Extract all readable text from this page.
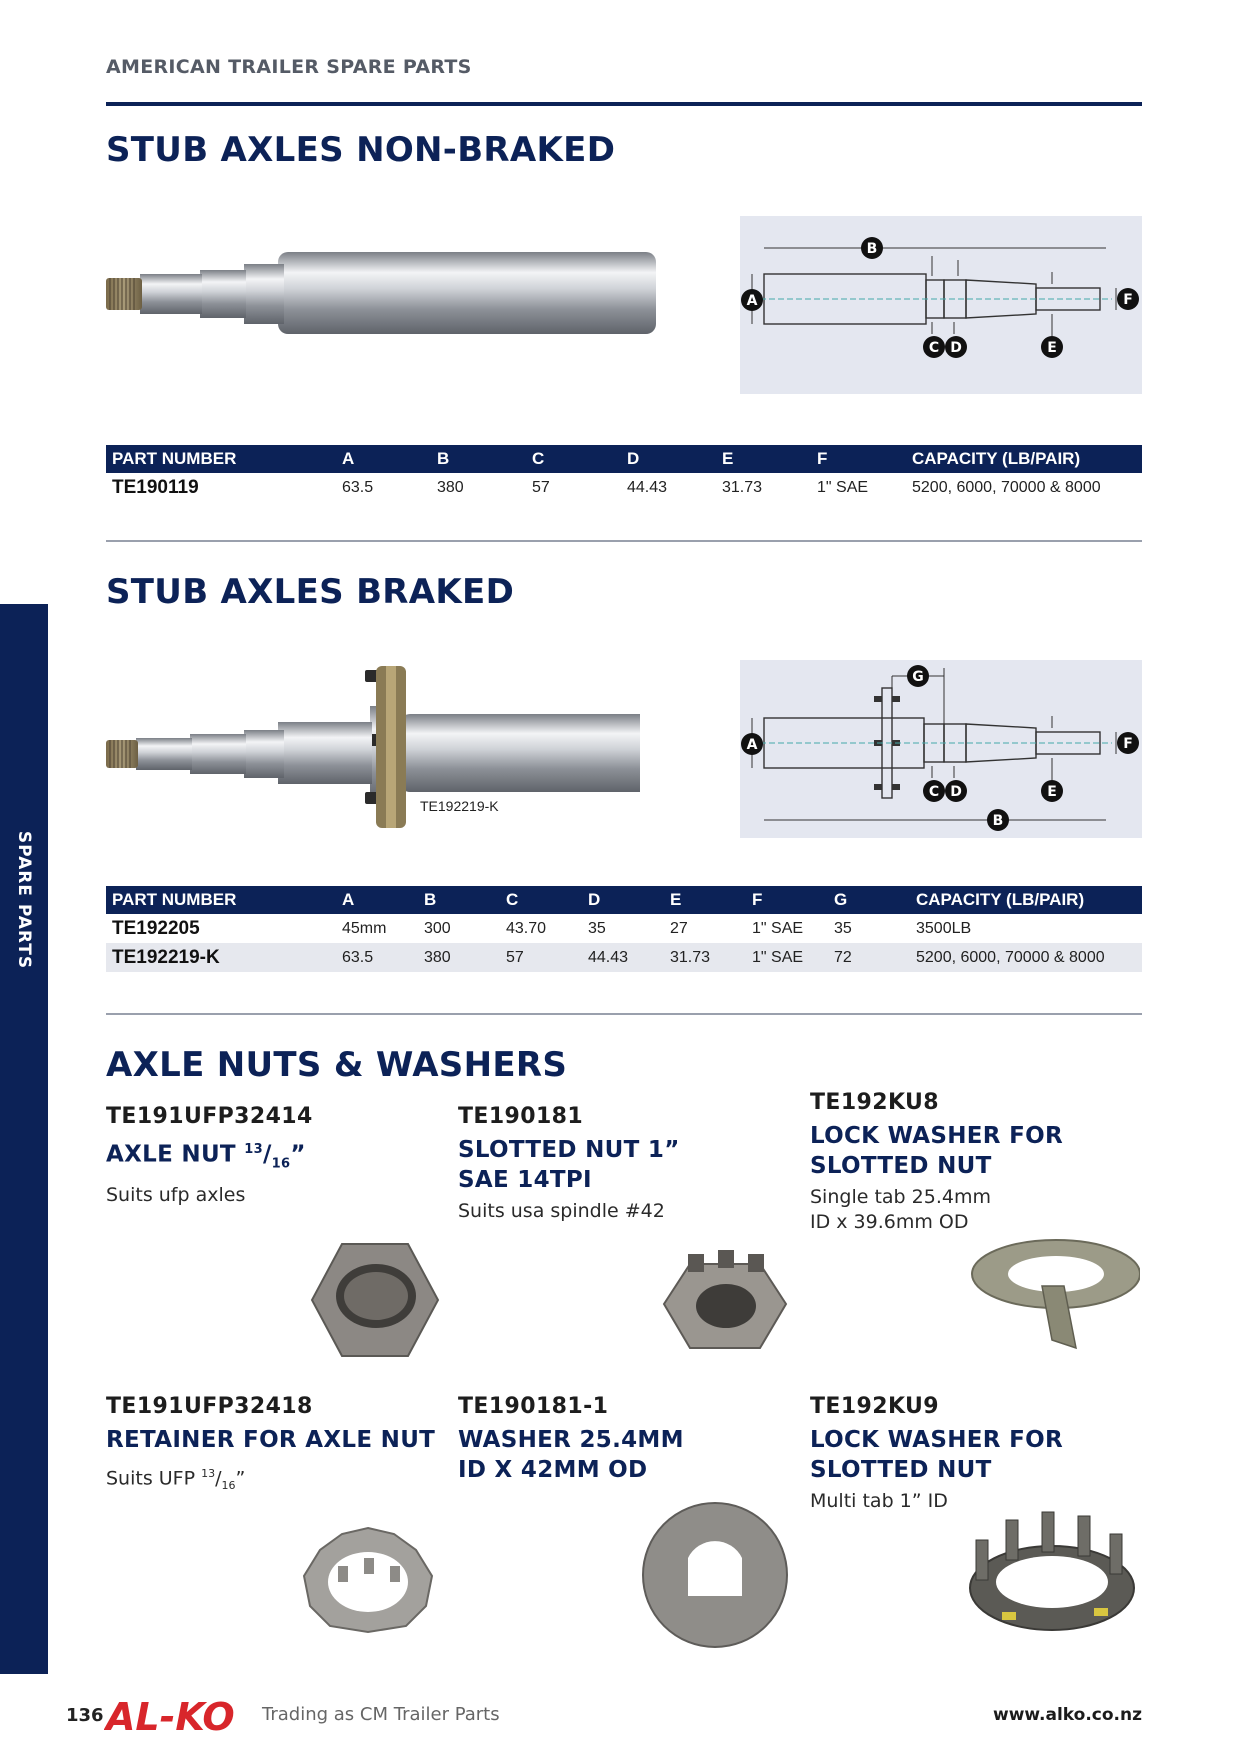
AMERICAN TRAILER SPARE PARTS
SPARE PARTS
STUB AXLES NON-BRAKED
B
A	F
C D	E
PART NUMBER	A	B	C	D	E	F	CAPACITY (LB/PAIR)
TE190119	63.5	380	57	44.43	31.73	1" SAE	5200, 6000, 70000 & 8000
STUB AXLES BRAKED
TE192219-K
G
A	F
C D	E
B
PART NUMBER	A	B	C	D	E	F	G	CAPACITY (LB/PAIR)
TE192205	45mm	300	43.70	35	27	1" SAE	35	3500LB
TE192219-K	63.5	380	57	44.43	31.73	1" SAE	72	5200, 6000, 70000 & 8000
AXLE NUTS & WASHERS
TE191UFP32414
AXLE NUT $^{13}/_{16}$”
Suits ufp axles
TE190181
SLOTTED NUT 1”
SAE 14TPI
Suits usa spindle #42
TE192KU8
LOCK WASHER FOR
SLOTTED NUT
Single tab 25.4mm
ID x 39.6mm OD
TE191UFP32418
RETAINER FOR AXLE NUT
Suits UFP $^{13}/_{16}$”
TE190181-1
WASHER 25.4MM
ID X 42MM OD
TE192KU9
LOCK WASHER FOR
SLOTTED NUT
Multi tab 1” ID
136 AL-KO Trading as CM Trailer Parts	www.alko.co.nz
